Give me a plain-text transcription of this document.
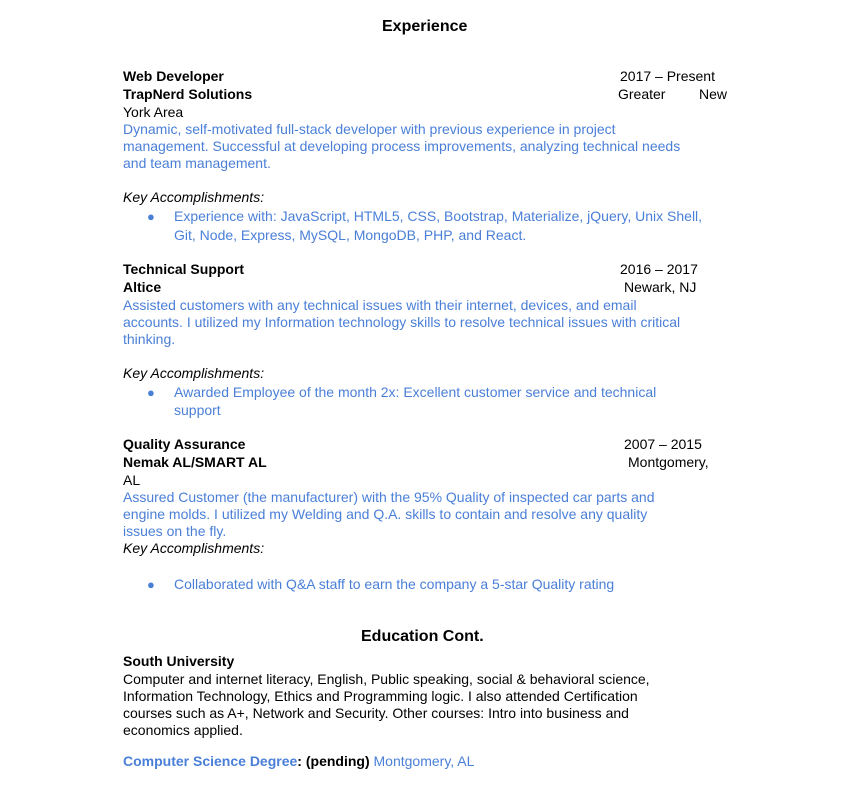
Experience
Web Developer	2017 – Present
TrapNerd Solutions	Greater New
York Area
Dynamic, self-motivated full-stack developer with previous experience in project
management. Successful at developing process improvements, analyzing technical needs
and team management.
Key Accomplishments:
● Experience with: JavaScript, HTML5, CSS, Bootstrap, Materialize, jQuery, Unix Shell,
Git, Node, Express, MySQL, MongoDB, PHP, and React.
Technical Support	2016 – 2017
Altice	Newark, NJ
Assisted customers with any technical issues with their internet, devices, and email
accounts. I utilized my Information technology skills to resolve technical issues with critical
thinking.
Key Accomplishments:
● Awarded Employee of the month 2x: Excellent customer service and technical
support
Quality Assurance	2007 – 2015
Nemak AL/SMART AL	Montgomery,
AL
Assured Customer (the manufacturer) with the 95% Quality of inspected car parts and
engine molds. I utilized my Welding and Q.A. skills to contain and resolve any quality
issues on the fly.
Key Accomplishments:
● Collaborated with Q&A staff to earn the company a 5-star Quality rating
Education Cont.
South University
Computer and internet literacy, English, Public speaking, social & behavioral science,
Information Technology, Ethics and Programming logic. I also attended Certification
courses such as A+, Network and Security. Other courses: Intro into business and
economics applied.
Computer Science Degree: (pending) Montgomery, AL
